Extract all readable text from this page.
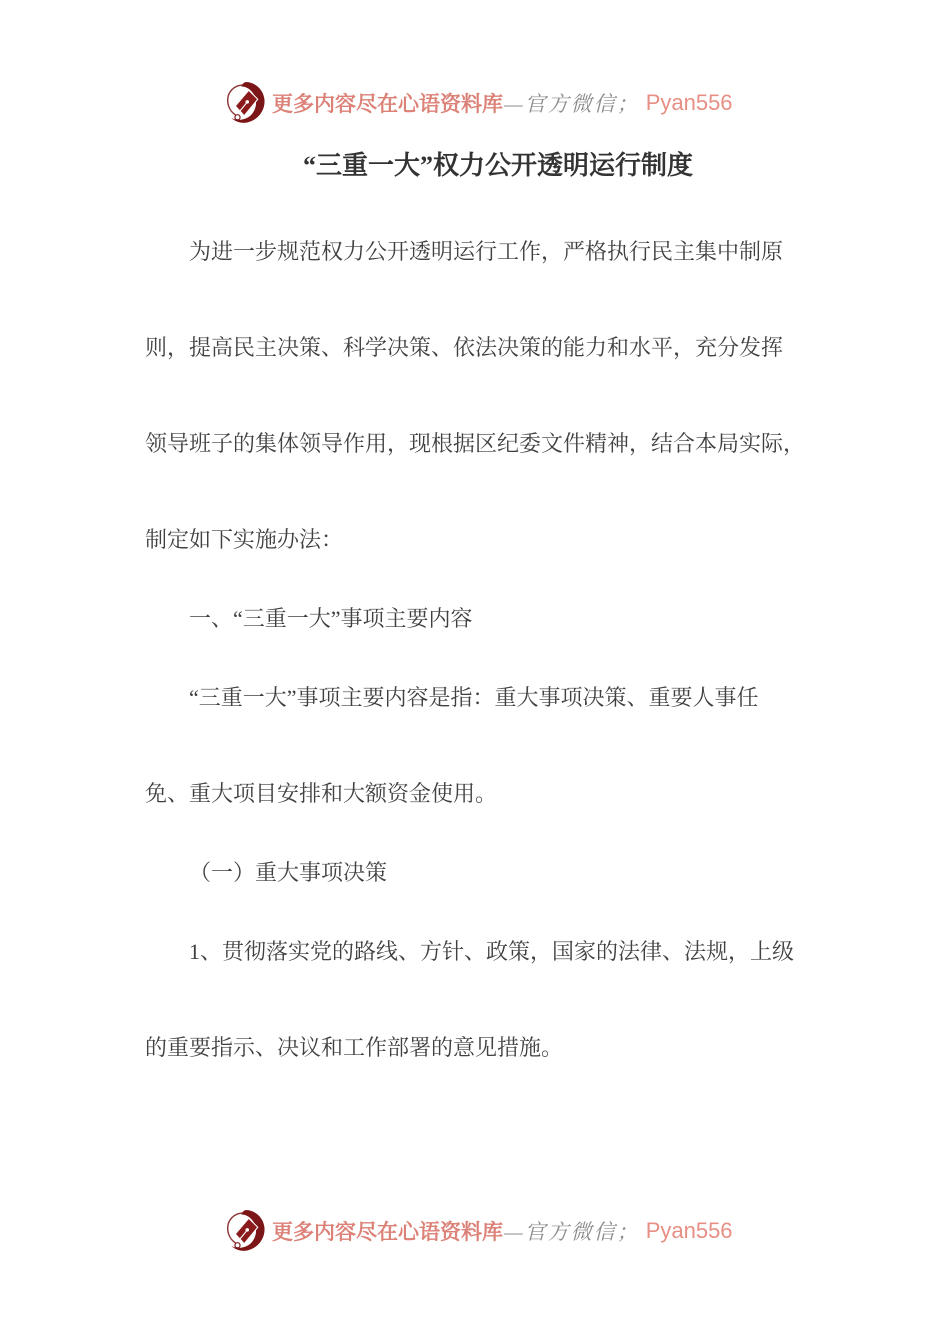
更多内容尽在心语资料库 —官方微信； Pyan556
“三重一大”权力公开透明运行制度

为进一步规范权力公开透明运行工作，严格执行民主集中制原
则，提高民主决策、科学决策、依法决策的能力和水平，充分发挥
领导班子的集体领导作用，现根据区纪委文件精神，结合本局实际，
制定如下实施办法：

一、“三重一大”事项主要内容

“三重一大”事项主要内容是指：重大事项决策、重要人事任
免、重大项目安排和大额资金使用。

（一）重大事项决策

1、贯彻落实党的路线、方针、政策，国家的法律、法规，上级
的重要指示、决议和工作部署的意见措施。

更多内容尽在心语资料库 —官方微信； Pyan556
